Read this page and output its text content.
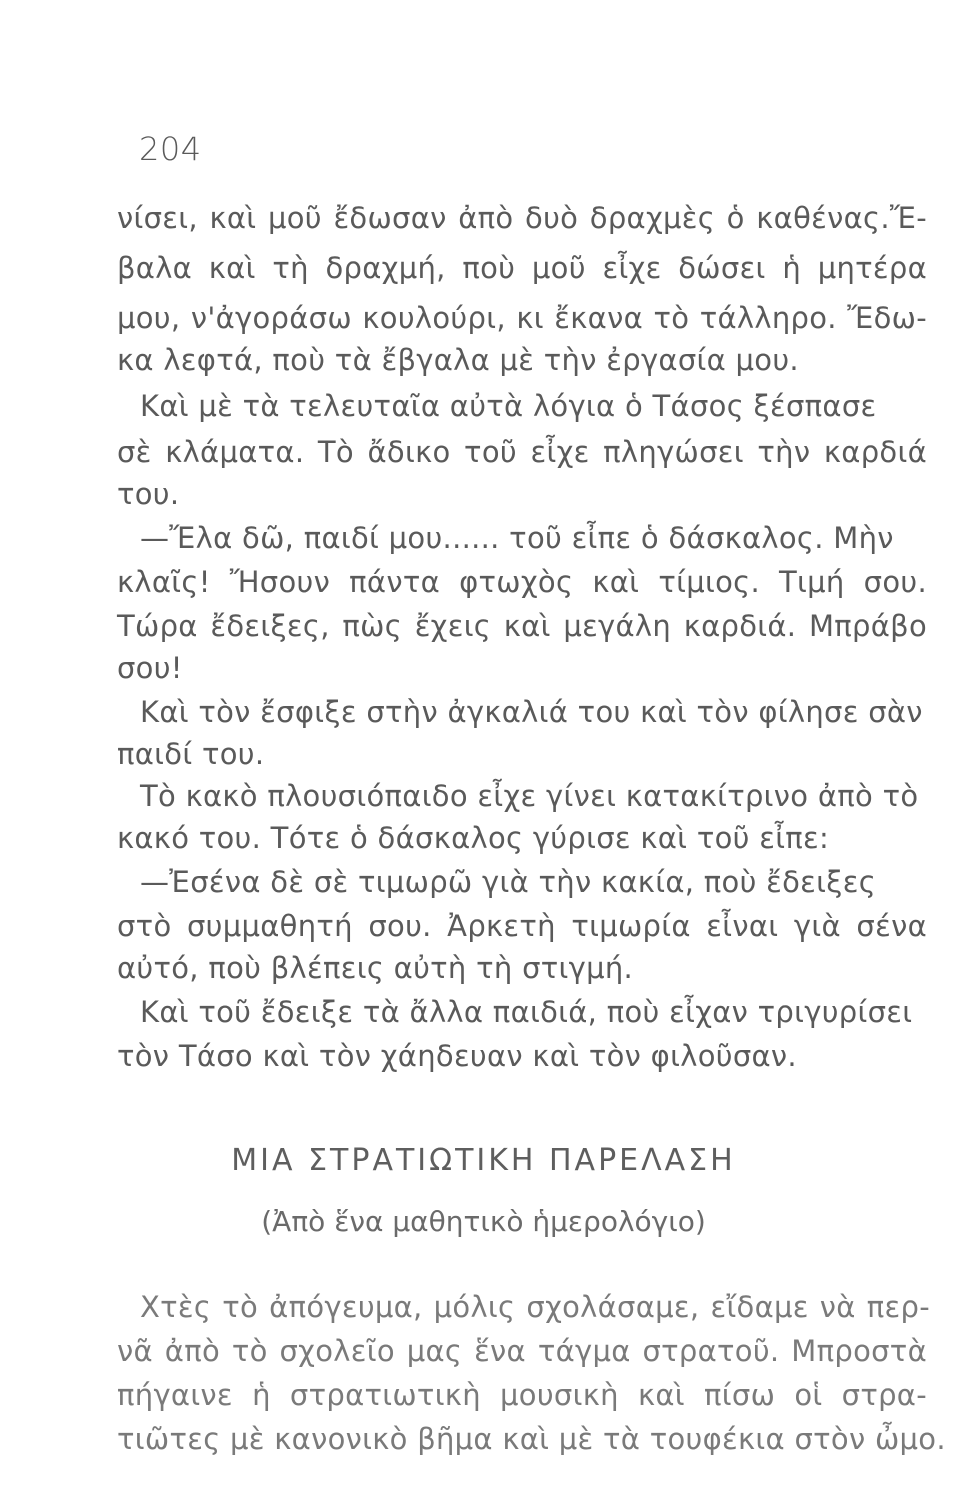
204
νίσει, καὶ μοῦ ἔδωσαν ἀπὸ δυὸ δραχμὲς ὁ καθένας.Ἔ-
βαλα καὶ τὴ δραχμή, ποὺ μοῦ εἶχε δώσει ἡ μητέρα
μου, ν'ἀγοράσω κουλούρι, κι ἔκανα τὸ τάλληρο. Ἔδω-
κα λεφτά, ποὺ τὰ ἔβγαλα μὲ τὴν ἐργασία μου.
Καὶ μὲ τὰ τελευταῖα αὐτὰ λόγια ὁ Τάσος ξέσπασε
σὲ κλάματα. Τὸ ἄδικο τοῦ εἶχε πληγώσει τὴν καρδιά
του.
—Ἔλα δῶ, παιδί μου...... τοῦ εἶπε ὁ δάσκαλος. Μὴν
κλαῖς! Ἤσουν πάντα φτωχὸς καὶ τίμιος. Τιμή σου.
Τώρα ἔδειξες, πὼς ἔχεις καὶ μεγάλη καρδιά. Μπράβο
σου!
Καὶ τὸν ἔσφιξε στὴν ἀγκαλιά του καὶ τὸν φίλησε σὰν
παιδί του.
Τὸ κακὸ πλουσιόπαιδο εἶχε γίνει κατακίτρινο ἀπὸ τὸ
κακό του. Τότε ὁ δάσκαλος γύρισε καὶ τοῦ εἶπε:
—Ἐσένα δὲ σὲ τιμωρῶ γιὰ τὴν κακία, ποὺ ἔδειξες
στὸ συμμαθητή σου. Ἀρκετὴ τιμωρία εἶναι γιὰ σένα
αὐτό, ποὺ βλέπεις αὐτὴ τὴ στιγμή.
Καὶ τοῦ ἔδειξε τὰ ἄλλα παιδιά, ποὺ εἶχαν τριγυρίσει
τὸν Τάσο καὶ τὸν χάηδευαν καὶ τὸν φιλοῦσαν.
ΜΙΑ ΣΤΡΑΤΙΩΤΙΚΗ ΠΑΡΕΛΑΣΗ
(Ἀπὸ ἕνα μαθητικὸ ἡμερολόγιο)
Χτὲς τὸ ἀπόγευμα, μόλις σχολάσαμε, εἴδαμε νὰ περ-
νᾶ ἀπὸ τὸ σχολεῖο μας ἕνα τάγμα στρατοῦ. Μπροστὰ
πήγαινε ἡ στρατιωτικὴ μουσικὴ καὶ πίσω οἱ στρα-
τιῶτες μὲ κανονικὸ βῆμα καὶ μὲ τὰ τουφέκια στὸν ὦμο.
